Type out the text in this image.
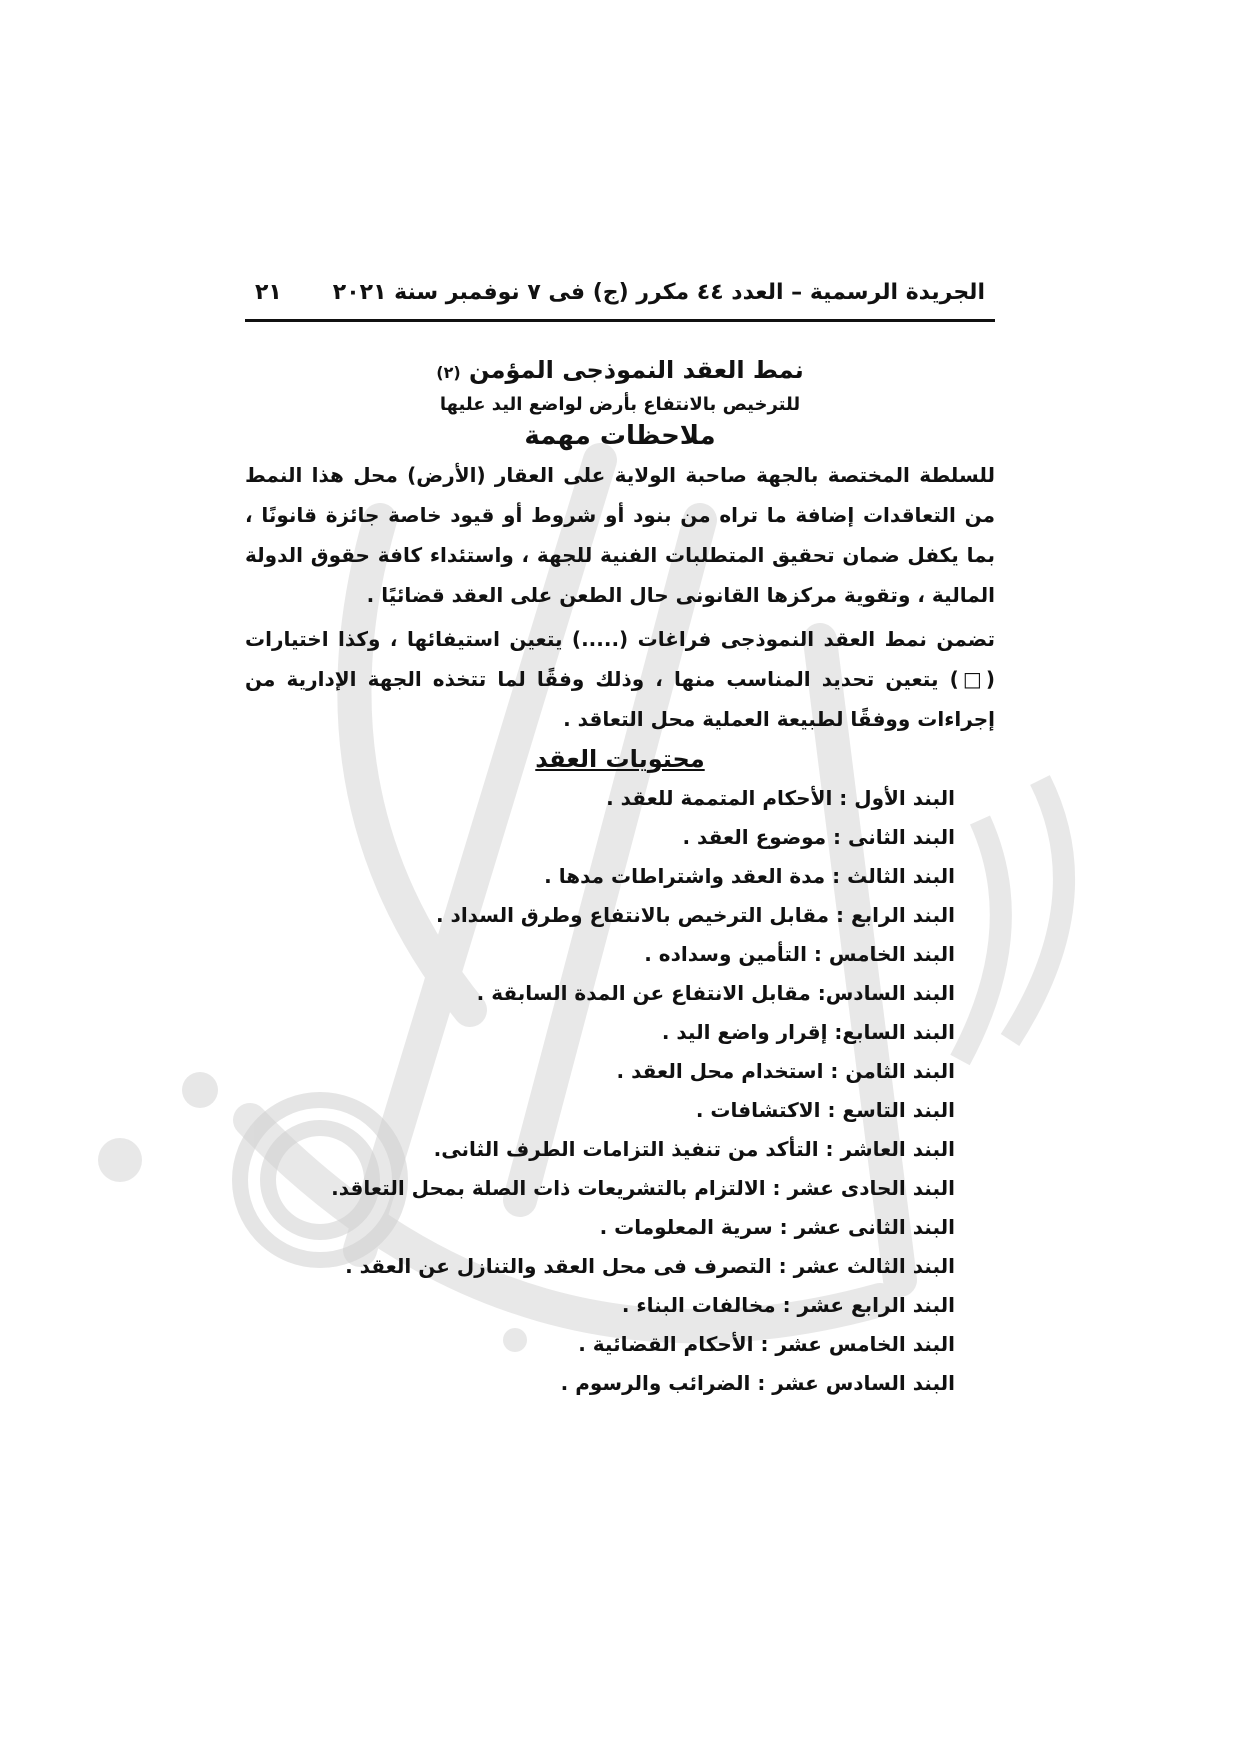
الجريدة الرسمية – العدد ٤٤ مكرر (ج) فى ٧ نوفمبر سنة ٢٠٢١
٢١
نمط العقد النموذجى المؤمن (٢)
للترخيص بالانتفاع بأرض لواضع اليد عليها
ملاحظات مهمة

للسلطة المختصة بالجهة صاحبة الولاية على العقار (الأرض) محل هذا النمط من التعاقدات إضافة ما تراه من بنود أو شروط أو قيود خاصة جائزة قانونًا ، بما يكفل ضمان تحقيق المتطلبات الفنية للجهة ، واستئداء كافة حقوق الدولة المالية ، وتقوية مركزها القانونى حال الطعن على العقد قضائيًا .

تضمن نمط العقد النموذجى فراغات (.....) يتعين استيفائها ، وكذا اختيارات (□) يتعين تحديد المناسب منها ، وذلك وفقًا لما تتخذه الجهة الإدارية من إجراءات ووفقًا لطبيعة العملية محل التعاقد .

محتويات العقد
البند الأول : الأحكام المتممة للعقد .
البند الثانى : موضوع العقد .
البند الثالث : مدة العقد واشتراطات مدها .
البند الرابع : مقابل الترخيص بالانتفاع وطرق السداد .
البند الخامس : التأمين وسداده .
البند السادس: مقابل الانتفاع عن المدة السابقة .
البند السابع: إقرار واضع اليد .
البند الثامن : استخدام محل العقد .
البند التاسع : الاكتشافات .
البند العاشر : التأكد من تنفيذ التزامات الطرف الثانى.
البند الحادى عشر : الالتزام بالتشريعات ذات الصلة بمحل التعاقد.
البند الثانى عشر : سرية المعلومات .
البند الثالث عشر : التصرف فى محل العقد والتنازل عن العقد .
البند الرابع عشر : مخالفات البناء .
البند الخامس عشر : الأحكام القضائية .
البند السادس عشر : الضرائب والرسوم .
